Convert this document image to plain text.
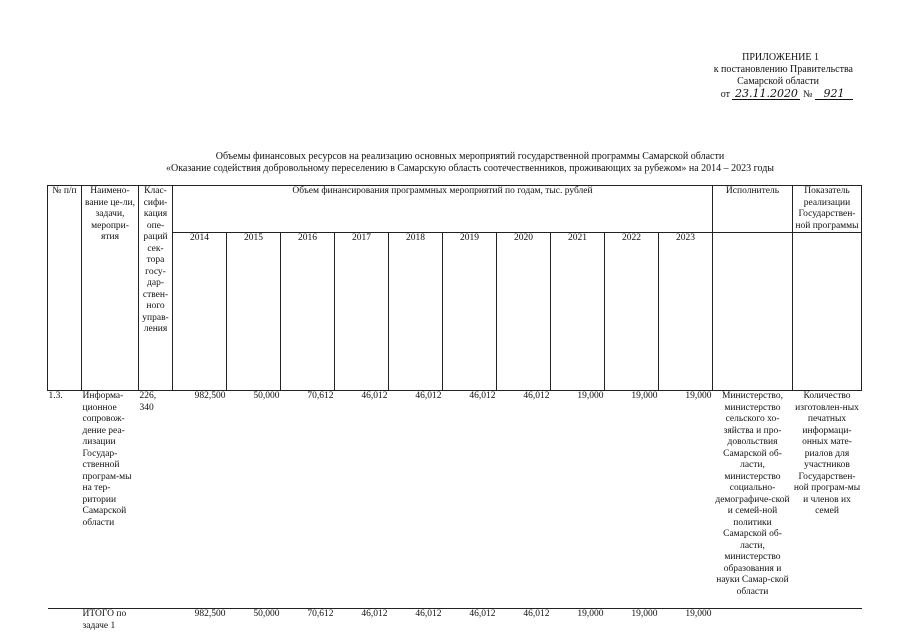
ПРИЛОЖЕНИЕ 1
к постановлению Правительства
Самарской области
от 23.11.2020 № 921
Объемы финансовых ресурсов на реализацию основных мероприятий государственной программы Самарской области
«Оказание содействия добровольному переселению в Самарскую область соотечественников, проживающих за рубежом» на 2014 – 2023 годы
№ п/п	Наимено-вание це-ли, задачи, меропри-ятия	Клас-сифи-кация опе-раций сек-тора госу-дар-ствен-ного управ-ления	Объем финансирования программных мероприятий по годам, тыс. рублей										Исполнитель	Показатель реализации Государствен-ной программы
			2014	2015	2016	2017	2018	2019	2020	2021	2022	2023		
1.3.	Информа-ционное сопровож-дение реа-лизации Государ-ственной програм-мы на тер-ритории Самарской области	226, 340	982,500	50,000	70,612	46,012	46,012	46,012	46,012	19,000	19,000	19,000	Министерство, министерство сельского хо-зяйства и про-довольствия Самарской об-ласти, министерство социально-демографиче-ской и семей-ной политики Самарской об-ласти, министерство образования и науки Самар-ской области	Количество изготовлен-ных печатных информаци-онных мате-риалов для участников Государствен-ной програм-мы и членов их семей
	ИТОГО по задаче 1		982,500	50,000	70,612	46,012	46,012	46,012	46,012	19,000	19,000	19,000		
